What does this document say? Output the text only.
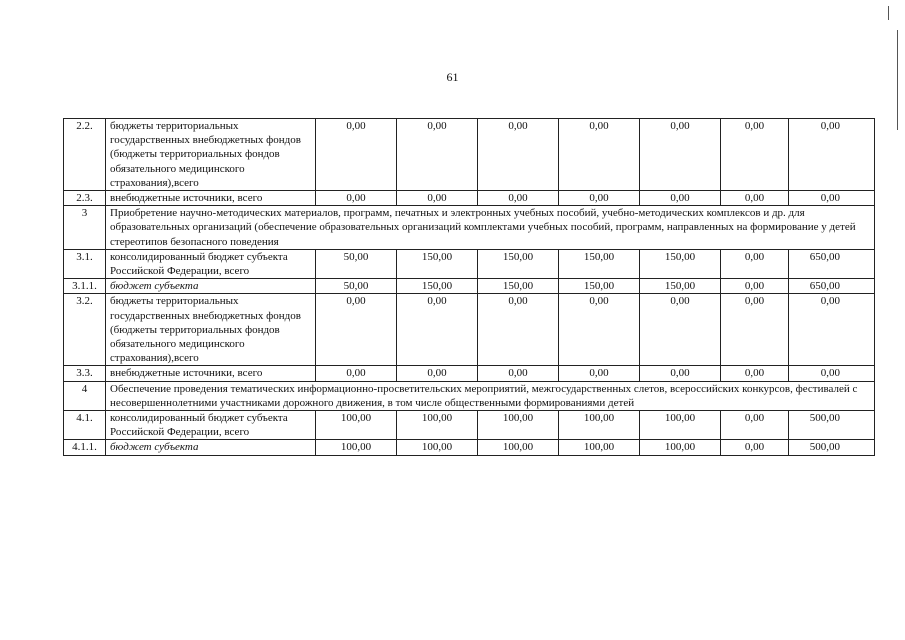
61
2.2.	бюджеты территориальных государственных внебюджетных фондов (бюджеты территориальных фондов обязательного медицинского страхования),всего	0,00	0,00	0,00	0,00	0,00	0,00	0,00
2.3.	внебюджетные источники, всего	0,00	0,00	0,00	0,00	0,00	0,00	0,00
3	Приобретение научно-методических материалов, программ, печатных и электронных учебных пособий, учебно-методических комплексов и др. для образовательных организаций (обеспечение образовательных организаций комплектами учебных пособий, программ, направленных на формирование у детей стереотипов безопасного поведения							
3.1.	консолидированный бюджет субъекта Российской Федерации, всего	50,00	150,00	150,00	150,00	150,00	0,00	650,00
3.1.1.	бюджет субъекта	50,00	150,00	150,00	150,00	150,00	0,00	650,00
3.2.	бюджеты территориальных государственных внебюджетных фондов (бюджеты территориальных фондов обязательного медицинского страхования),всего	0,00	0,00	0,00	0,00	0,00	0,00	0,00
3.3.	внебюджетные источники, всего	0,00	0,00	0,00	0,00	0,00	0,00	0,00
4	Обеспечение проведения тематических информационно-просветительских мероприятий, межгосударственных слетов, всероссийских конкурсов, фестивалей с несовершеннолетними участниками дорожного движения, в том числе общественными формированиями детей							
4.1.	консолидированный бюджет субъекта Российской Федерации, всего	100,00	100,00	100,00	100,00	100,00	0,00	500,00
4.1.1.	бюджет субъекта	100,00	100,00	100,00	100,00	100,00	0,00	500,00
